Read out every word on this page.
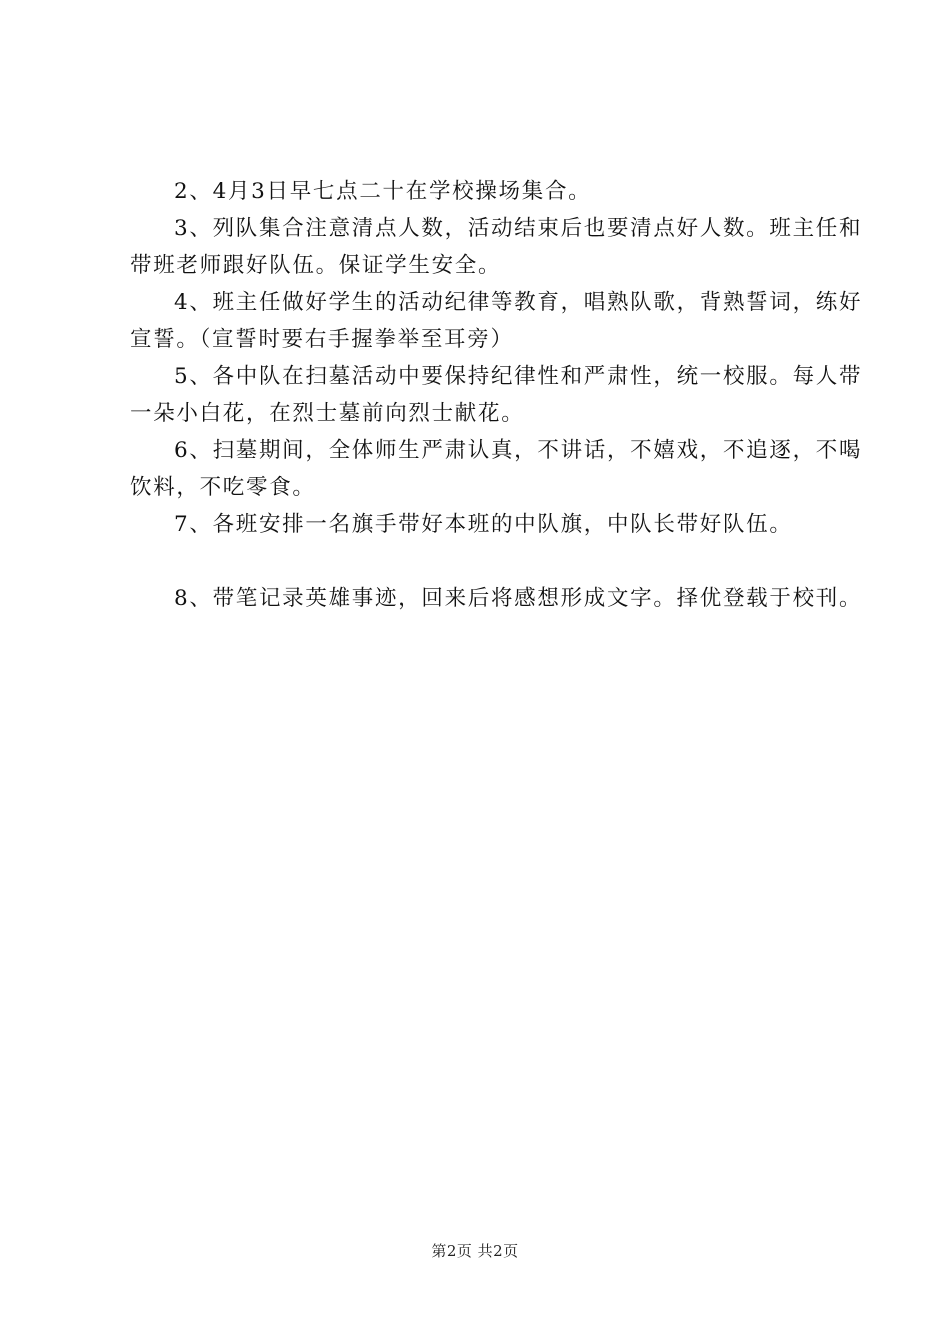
2、4月3日早七点二十在学校操场集合。

3、列队集合注意清点人数，活动结束后也要清点好人数。班主任和带班老师跟好队伍。保证学生安全。

4、班主任做好学生的活动纪律等教育，唱熟队歌，背熟誓词，练好宣誓。（宣誓时要右手握拳举至耳旁）

5、各中队在扫墓活动中要保持纪律性和严肃性，统一校服。每人带一朵小白花，在烈士墓前向烈士献花。

6、扫墓期间，全体师生严肃认真，不讲话，不嬉戏，不追逐，不喝饮料，不吃零食。

7、各班安排一名旗手带好本班的中队旗，中队长带好队伍。

8、带笔记录英雄事迹，回来后将感想形成文字。择优登载于校刊。

第2页 共2页
